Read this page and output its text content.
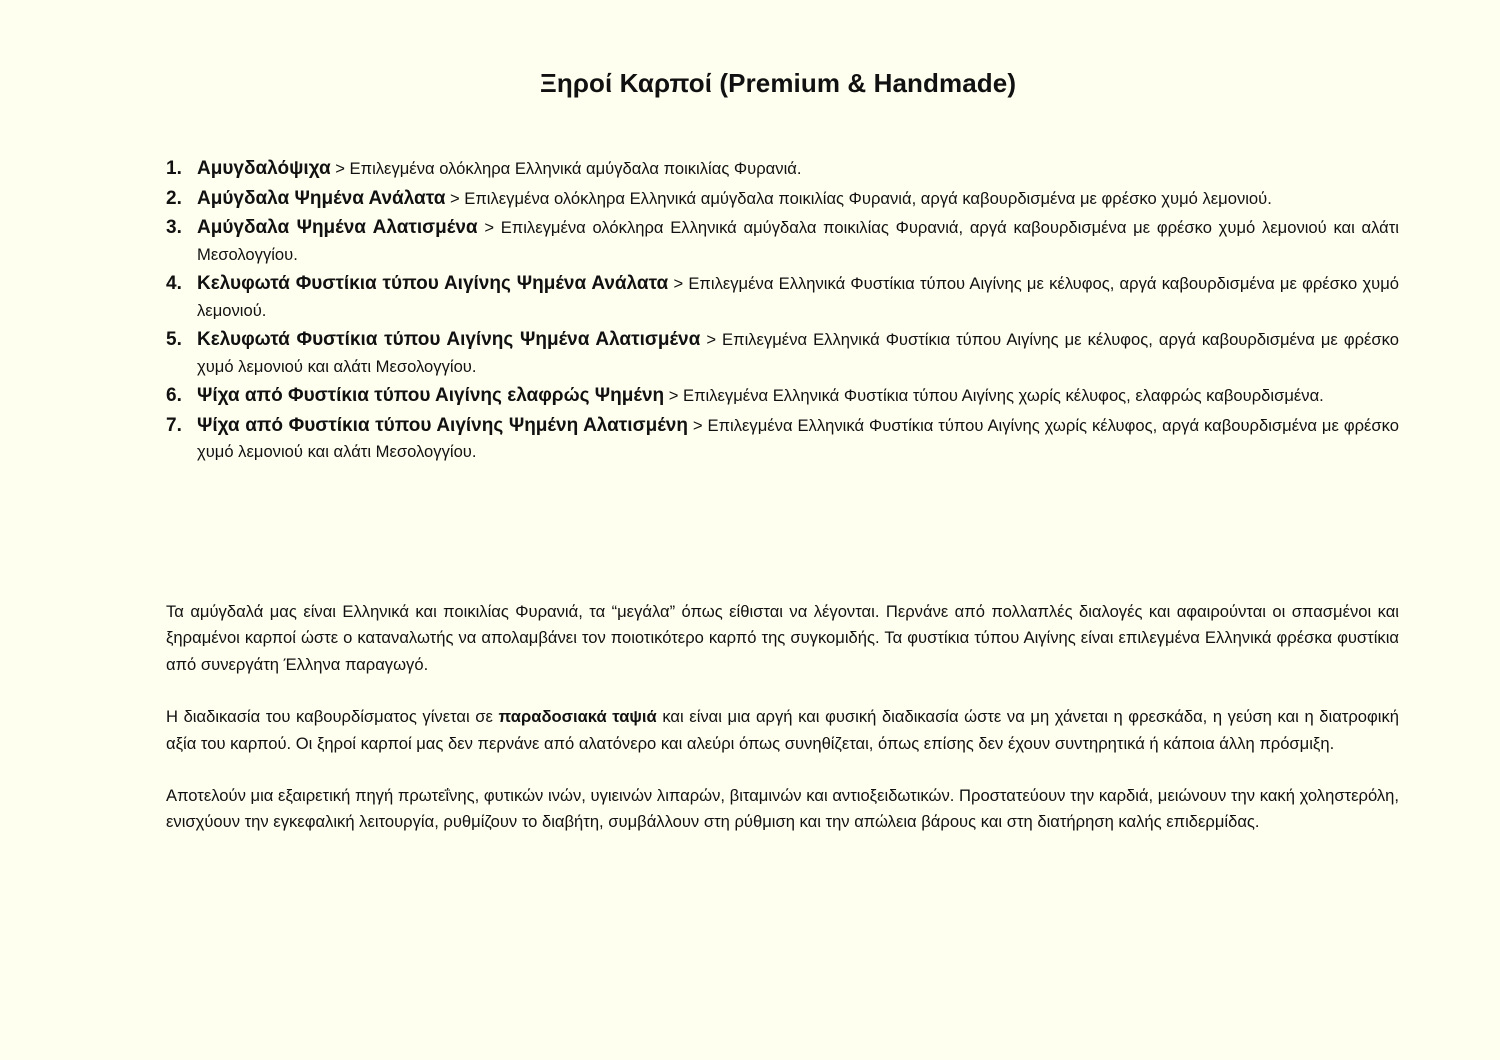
Ξηροί Καρποί (Premium & Handmade)
1. Αμυγδαλόψιχα > Επιλεγμένα ολόκληρα Ελληνικά αμύγδαλα ποικιλίας Φυρανιά.
2. Αμύγδαλα Ψημένα Ανάλατα > Επιλεγμένα ολόκληρα Ελληνικά αμύγδαλα ποικιλίας Φυρανιά, αργά καβουρδισμένα με φρέσκο χυμό λεμονιού.
3. Αμύγδαλα Ψημένα Αλατισμένα > Επιλεγμένα ολόκληρα Ελληνικά αμύγδαλα ποικιλίας Φυρανιά, αργά καβουρδισμένα με φρέσκο χυμό λεμονιού και αλάτι Μεσολογγίου.
4. Κελυφωτά Φυστίκια τύπου Αιγίνης Ψημένα Ανάλατα > Επιλεγμένα Ελληνικά Φυστίκια τύπου Αιγίνης με κέλυφος, αργά καβουρδισμένα με φρέσκο χυμό λεμονιού.
5. Κελυφωτά Φυστίκια τύπου Αιγίνης Ψημένα Αλατισμένα > Επιλεγμένα Ελληνικά Φυστίκια τύπου Αιγίνης με κέλυφος, αργά καβουρδισμένα με φρέσκο χυμό λεμονιού και αλάτι Μεσολογγίου.
6. Ψίχα από Φυστίκια τύπου Αιγίνης ελαφρώς Ψημένη > Επιλεγμένα Ελληνικά Φυστίκια τύπου Αιγίνης χωρίς κέλυφος, ελαφρώς καβουρδισμένα.
7. Ψίχα από Φυστίκια τύπου Αιγίνης Ψημένη Αλατισμένη > Επιλεγμένα Ελληνικά Φυστίκια τύπου Αιγίνης χωρίς κέλυφος, αργά καβουρδισμένα με φρέσκο χυμό λεμονιού και αλάτι Μεσολογγίου.

Τα αμύγδαλά μας είναι Ελληνικά και ποικιλίας Φυρανιά, τα “μεγάλα” όπως είθισται να λέγονται. Περνάνε από πολλαπλές διαλογές και αφαιρούνται οι σπασμένοι και ξηραμένοι καρποί ώστε ο καταναλωτής να απολαμβάνει τον ποιοτικότερο καρπό της συγκομιδής. Τα φυστίκια τύπου Αιγίνης είναι επιλεγμένα Ελληνικά φρέσκα φυστίκια από συνεργάτη Έλληνα παραγωγό.

Η διαδικασία του καβουρδίσματος γίνεται σε παραδοσιακά ταψιά και είναι μια αργή και φυσική διαδικασία ώστε να μη χάνεται η φρεσκάδα, η γεύση και η διατροφική αξία του καρπού. Οι ξηροί καρποί μας δεν περνάνε από αλατόνερο και αλεύρι όπως συνηθίζεται, όπως επίσης δεν έχουν συντηρητικά ή κάποια άλλη πρόσμιξη.

Αποτελούν μια εξαιρετική πηγή πρωτεΐνης, φυτικών ινών, υγιεινών λιπαρών, βιταμινών και αντιοξειδωτικών. Προστατεύουν την καρδιά, μειώνουν την κακή χοληστερόλη, ενισχύουν την εγκεφαλική λειτουργία, ρυθμίζουν το διαβήτη, συμβάλλουν στη ρύθμιση και την απώλεια βάρους και στη διατήρηση καλής επιδερμίδας.
